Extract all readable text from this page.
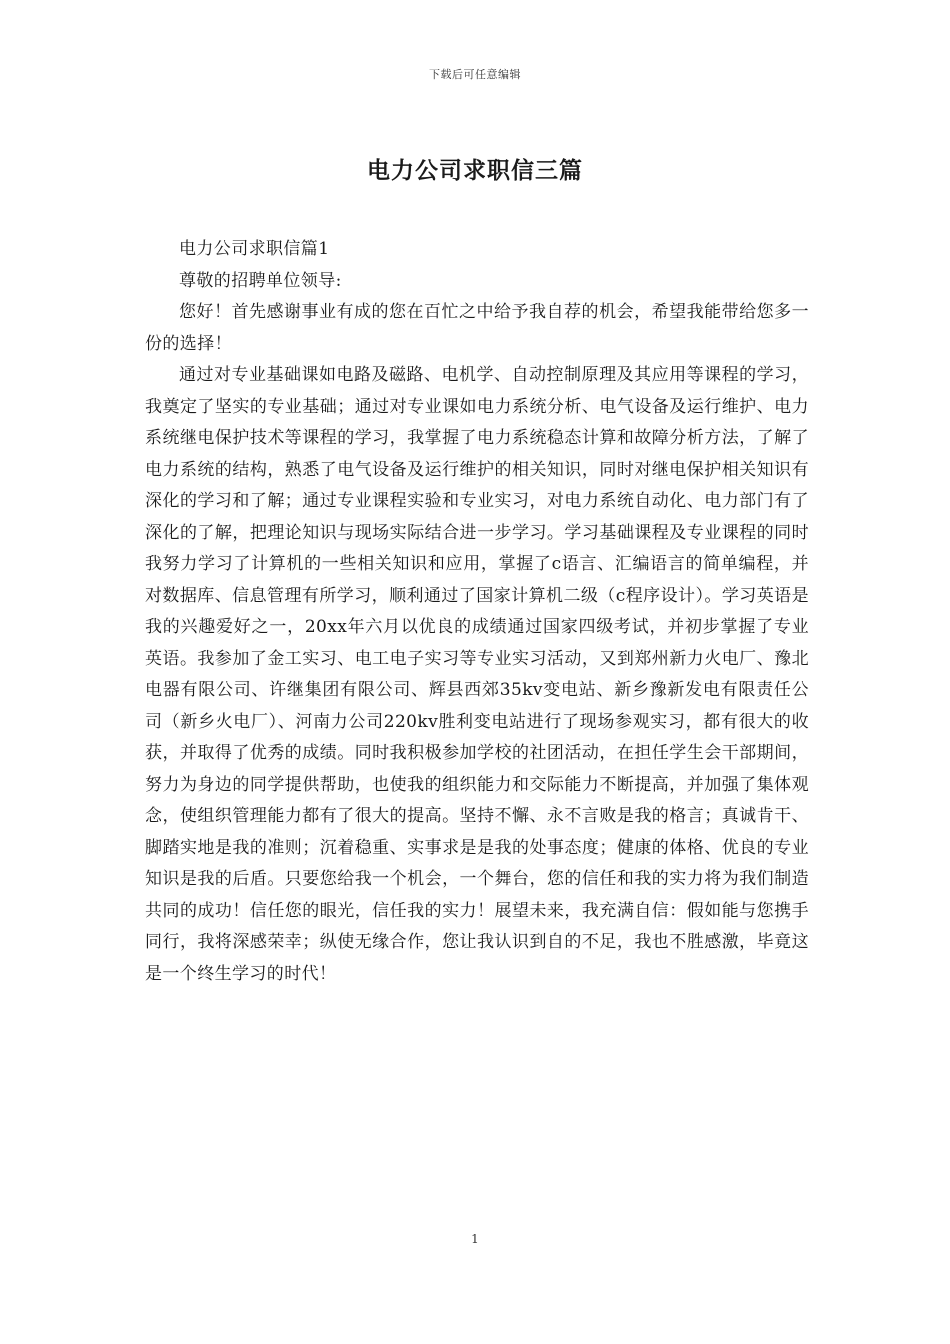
下载后可任意编辑
电力公司求职信三篇

电力公司求职信篇1

尊敬的招聘单位领导:

您好！首先感谢事业有成的您在百忙之中给予我自荐的机会，希望我能带给您多一份的选择！

通过对专业基础课如电路及磁路、电机学、自动控制原理及其应用等课程的学习，我奠定了坚实的专业基础；通过对专业课如电力系统分析、电气设备及运行维护、电力系统继电保护技术等课程的学习，我掌握了电力系统稳态计算和故障分析方法，了解了电力系统的结构，熟悉了电气设备及运行维护的相关知识，同时对继电保护相关知识有深化的学习和了解；通过专业课程实验和专业实习，对电力系统自动化、电力部门有了深化的了解，把理论知识与现场实际结合进一步学习。学习基础课程及专业课程的同时我努力学习了计算机的一些相关知识和应用，掌握了c语言、汇编语言的简单编程，并对数据库、信息管理有所学习，顺利通过了国家计算机二级（c程序设计）。学习英语是我的兴趣爱好之一，20xx年六月以优良的成绩通过国家四级考试，并初步掌握了专业英语。我参加了金工实习、电工电子实习等专业实习活动，又到郑州新力火电厂、豫北电器有限公司、许继集团有限公司、辉县西郊35kv变电站、新乡豫新发电有限责任公司（新乡火电厂）、河南力公司220kv胜利变电站进行了现场参观实习，都有很大的收获，并取得了优秀的成绩。同时我积极参加学校的社团活动，在担任学生会干部期间，努力为身边的同学提供帮助，也使我的组织能力和交际能力不断提高，并加强了集体观念，使组织管理能力都有了很大的提高。坚持不懈、永不言败是我的格言；真诚肯干、脚踏实地是我的准则；沉着稳重、实事求是是我的处事态度；健康的体格、优良的专业知识是我的后盾。只要您给我一个机会，一个舞台，您的信任和我的实力将为我们制造共同的成功！信任您的眼光，信任我的实力！展望未来，我充满自信：假如能与您携手同行，我将深感荣幸；纵使无缘合作，您让我认识到自的不足，我也不胜感激，毕竟这是一个终生学习的时代！

1
